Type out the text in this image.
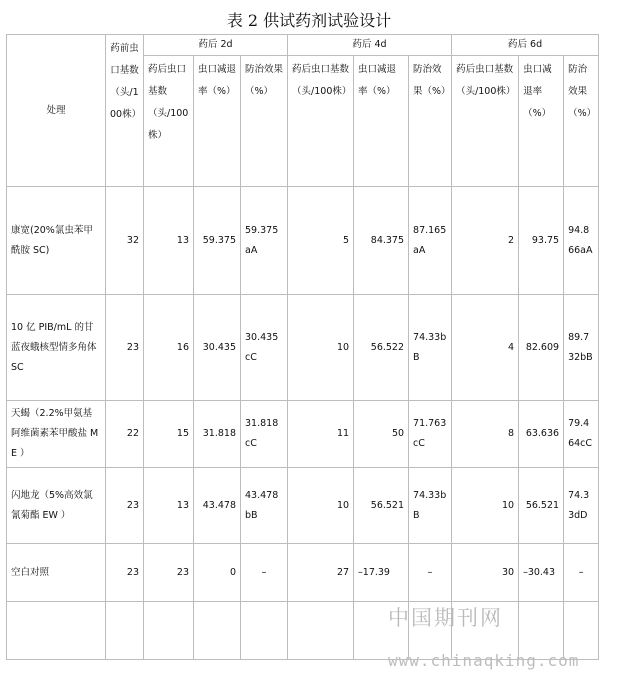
表 2 供试药剂试验设计
处理	药前虫口基数（头/100株）	药后 2d			药后 4d			药后 6d		
		药后虫口基数（头/100株）	虫口减退率（%）	防治效果（%）	药后虫口基数（头/100株）	虫口减退率（%）	防治效果（%）	药后虫口基数（头/100株）	虫口减退率（%）	防治效果（%）
康宽(20%氯虫苯甲酰胺 SC)	32	13	59.375	59.375aA	5	84.375	87.165aA	2	93.75	94.866aA
10 亿 PIB/mL 的甘蓝夜蛾核型情多角体 SC	23	16	30.435	30.435cC	10	56.522	74.33bB	4	82.609	89.732bB
天蝎（2.2%甲氨基阿维菌素苯甲酸盐 ME ）	22	15	31.818	31.818cC	11	50	71.763cC	8	63.636	79.464cC
闪地龙（5%高效氯氰菊酯 EW ）	23	13	43.478	43.478bB	10	56.521	74.33bB	10	56.521	74.33dD
空白对照	23	23	0	–	27	–17.39	–	30	–30.43	–

中国期刊网
www.chinaqking.com
